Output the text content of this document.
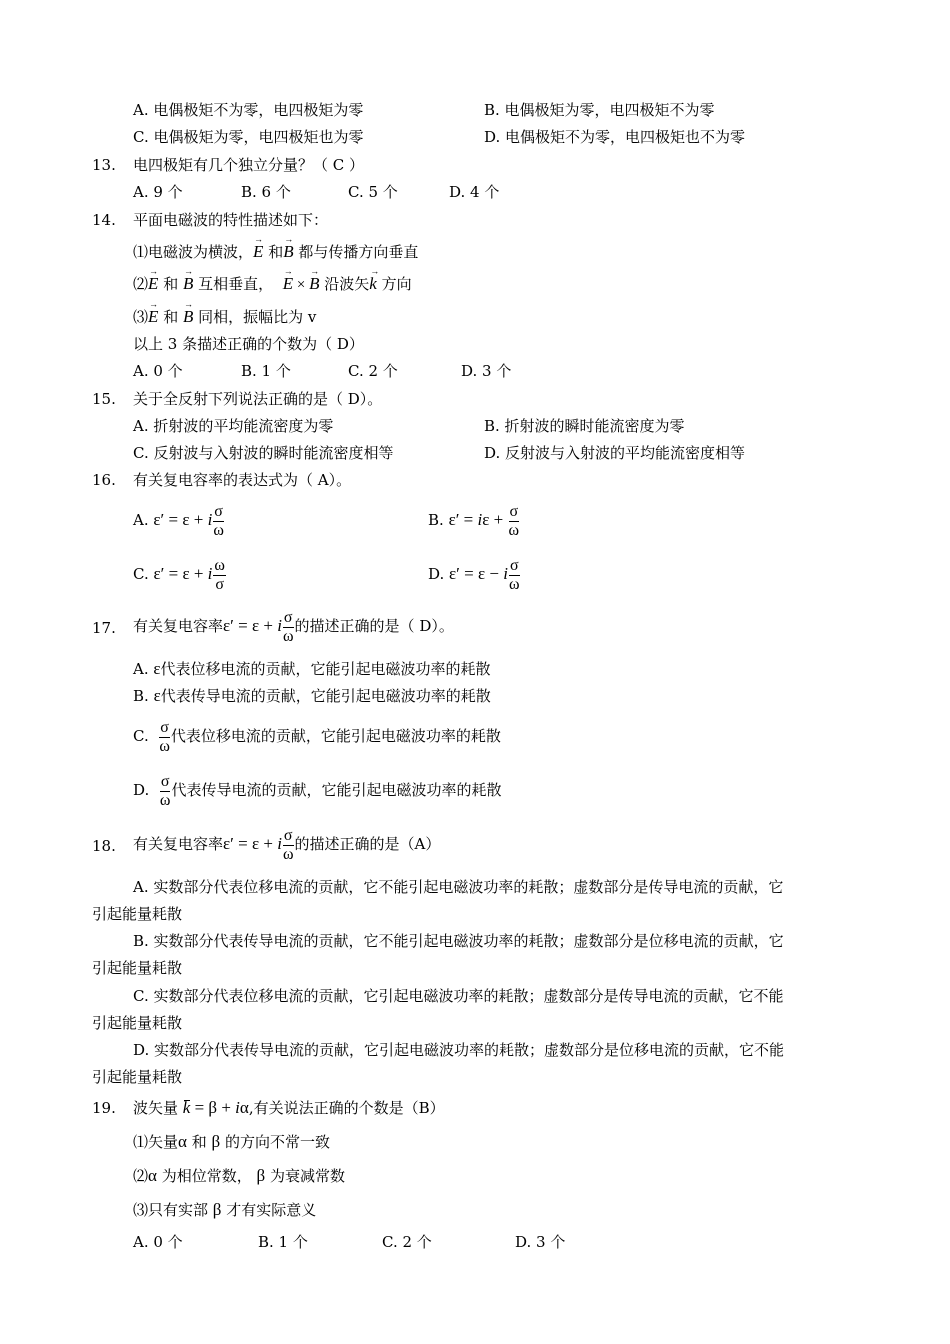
A. 电偶极矩不为零，电四极矩为零	B. 电偶极矩为零，电四极矩不为零
C. 电偶极矩为零，电四极矩也为零	D. 电偶极矩不为零，电四极矩也不为零
13. 电四极矩有几个独立分量？（ C ）
A. 9 个	B. 6 个	C. 5 个	D. 4 个
14. 平面电磁波的特性描述如下：
⑴电磁波为横波，→ E 和→ B 都与传播方向垂直
⑵→ E 和 → B 互相垂直， → E × → B 沿波矢→ k 方向
⑶→ E 和 → B 同相，振幅比为 v
以上 3 条描述正确的个数为（ D）
A. 0 个	B. 1 个	C. 2 个	D. 3 个
15. 关于全反射下列说法正确的是（ D）。
A. 折射波的平均能流密度为零	B. 折射波的瞬时能流密度为零
C. 反射波与入射波的瞬时能流密度相等	D. 反射波与入射波的平均能流密度相等
16. 有关复电容率的表达式为（ A）。
A. ε′ = ε + i $\frac{\sigma}{\omega}$	B. $\varepsilon' = i\varepsilon + \frac{\sigma}{\omega}$
C. ε′ = ε + i $\frac{\omega}{\sigma}$	D. ε′ = ε − i $\frac{\sigma}{\omega}$
17. 有关复电容率ε′ = ε + i $\frac{\sigma}{\omega}$ 的描述正确的是（ D）。
A. ε代表位移电流的贡献，它能引起电磁波功率的耗散
B. ε代表传导电流的贡献，它能引起电磁波功率的耗散
C. $\frac{\sigma}{\omega}$ 代表位移电流的贡献，它能引起电磁波功率的耗散
D. $\frac{\sigma}{\omega}$ 代表传导电流的贡献，它能引起电磁波功率的耗散
18. 有关复电容率ε′ = ε + i $\frac{\sigma}{\omega}$ 的描述正确的是（A）
A. 实数部分代表位移电流的贡献，它不能引起电磁波功率的耗散；虚数部分是传导电流的贡献，它
引起能量耗散
B. 实数部分代表传导电流的贡献，它不能引起电磁波功率的耗散；虚数部分是位移电流的贡献，它
引起能量耗散
C. 实数部分代表位移电流的贡献，它引起电磁波功率的耗散；虚数部分是传导电流的贡献，它不能
引起能量耗散
D. 实数部分代表传导电流的贡献，它引起电磁波功率的耗散；虚数部分是位移电流的贡献，它不能
引起能量耗散
19. 波矢量 k = β + iα,有关说法正确的个数是（B）
⑴矢量α 和 β 的方向不常一致
⑵α 为相位常数， β 为衰减常数
⑶只有实部 β 才有实际意义
A. 0 个	B. 1 个	C. 2 个	D. 3 个
